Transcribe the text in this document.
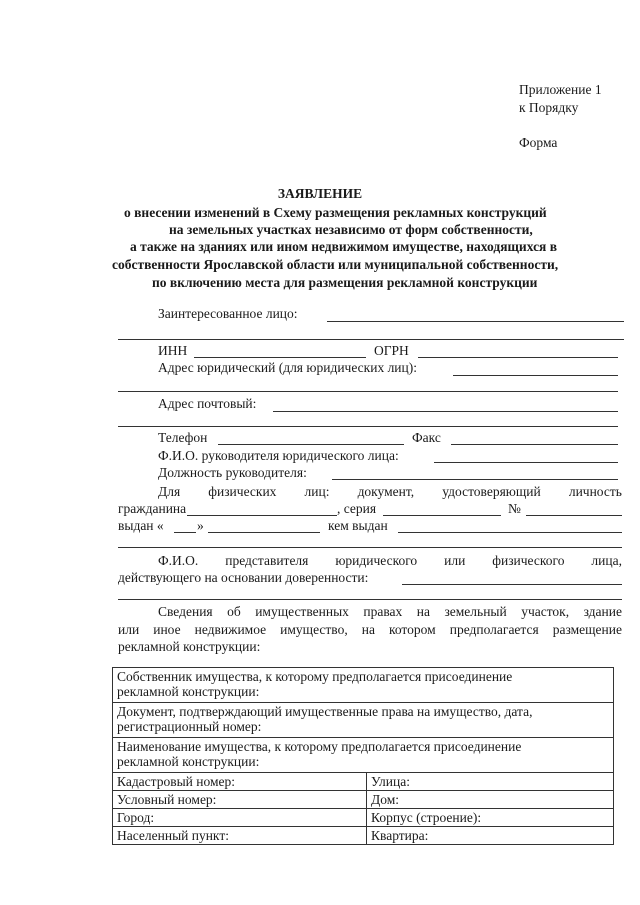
Приложение 1
к Порядку
Форма
ЗАЯВЛЕНИЕ
о внесении изменений в Схему размещения рекламных конструкций
на земельных участках независимо от форм собственности,
а также на зданиях или ином недвижимом имуществе, находящихся в
собственности Ярославской области или муниципальной собственности,
по включению места для размещения рекламной конструкции
Заинтересованное лицо:
ИНН	ОГРН
Адрес юридический (для юридических лиц):
Адрес почтовый:
Телефон	Факс
Ф.И.О. руководителя юридического лица:
Должность руководителя:
Для физических лиц: документ, удостоверяющий личность
гражданина	, серия	№
выдан « »	кем выдан
Ф.И.О. представителя юридического или физического лица,
действующего на основании доверенности:
Сведения об имущественных правах на земельный участок, здание
или иное недвижимое имущество, на котором предполагается размещение
рекламной конструкции:
Собственник имущества, к которому предполагается присоединение
рекламной конструкции:	

Документ, подтверждающий имущественные права на имущество, дата,
регистрационный номер:	

Наименование имущества, к которому предполагается присоединение
рекламной конструкции:	

Кадастровый номер:	Улица:
Условный номер:	Дом:
Город:	Корпус (строение):
Населенный пункт:	Квартира:
